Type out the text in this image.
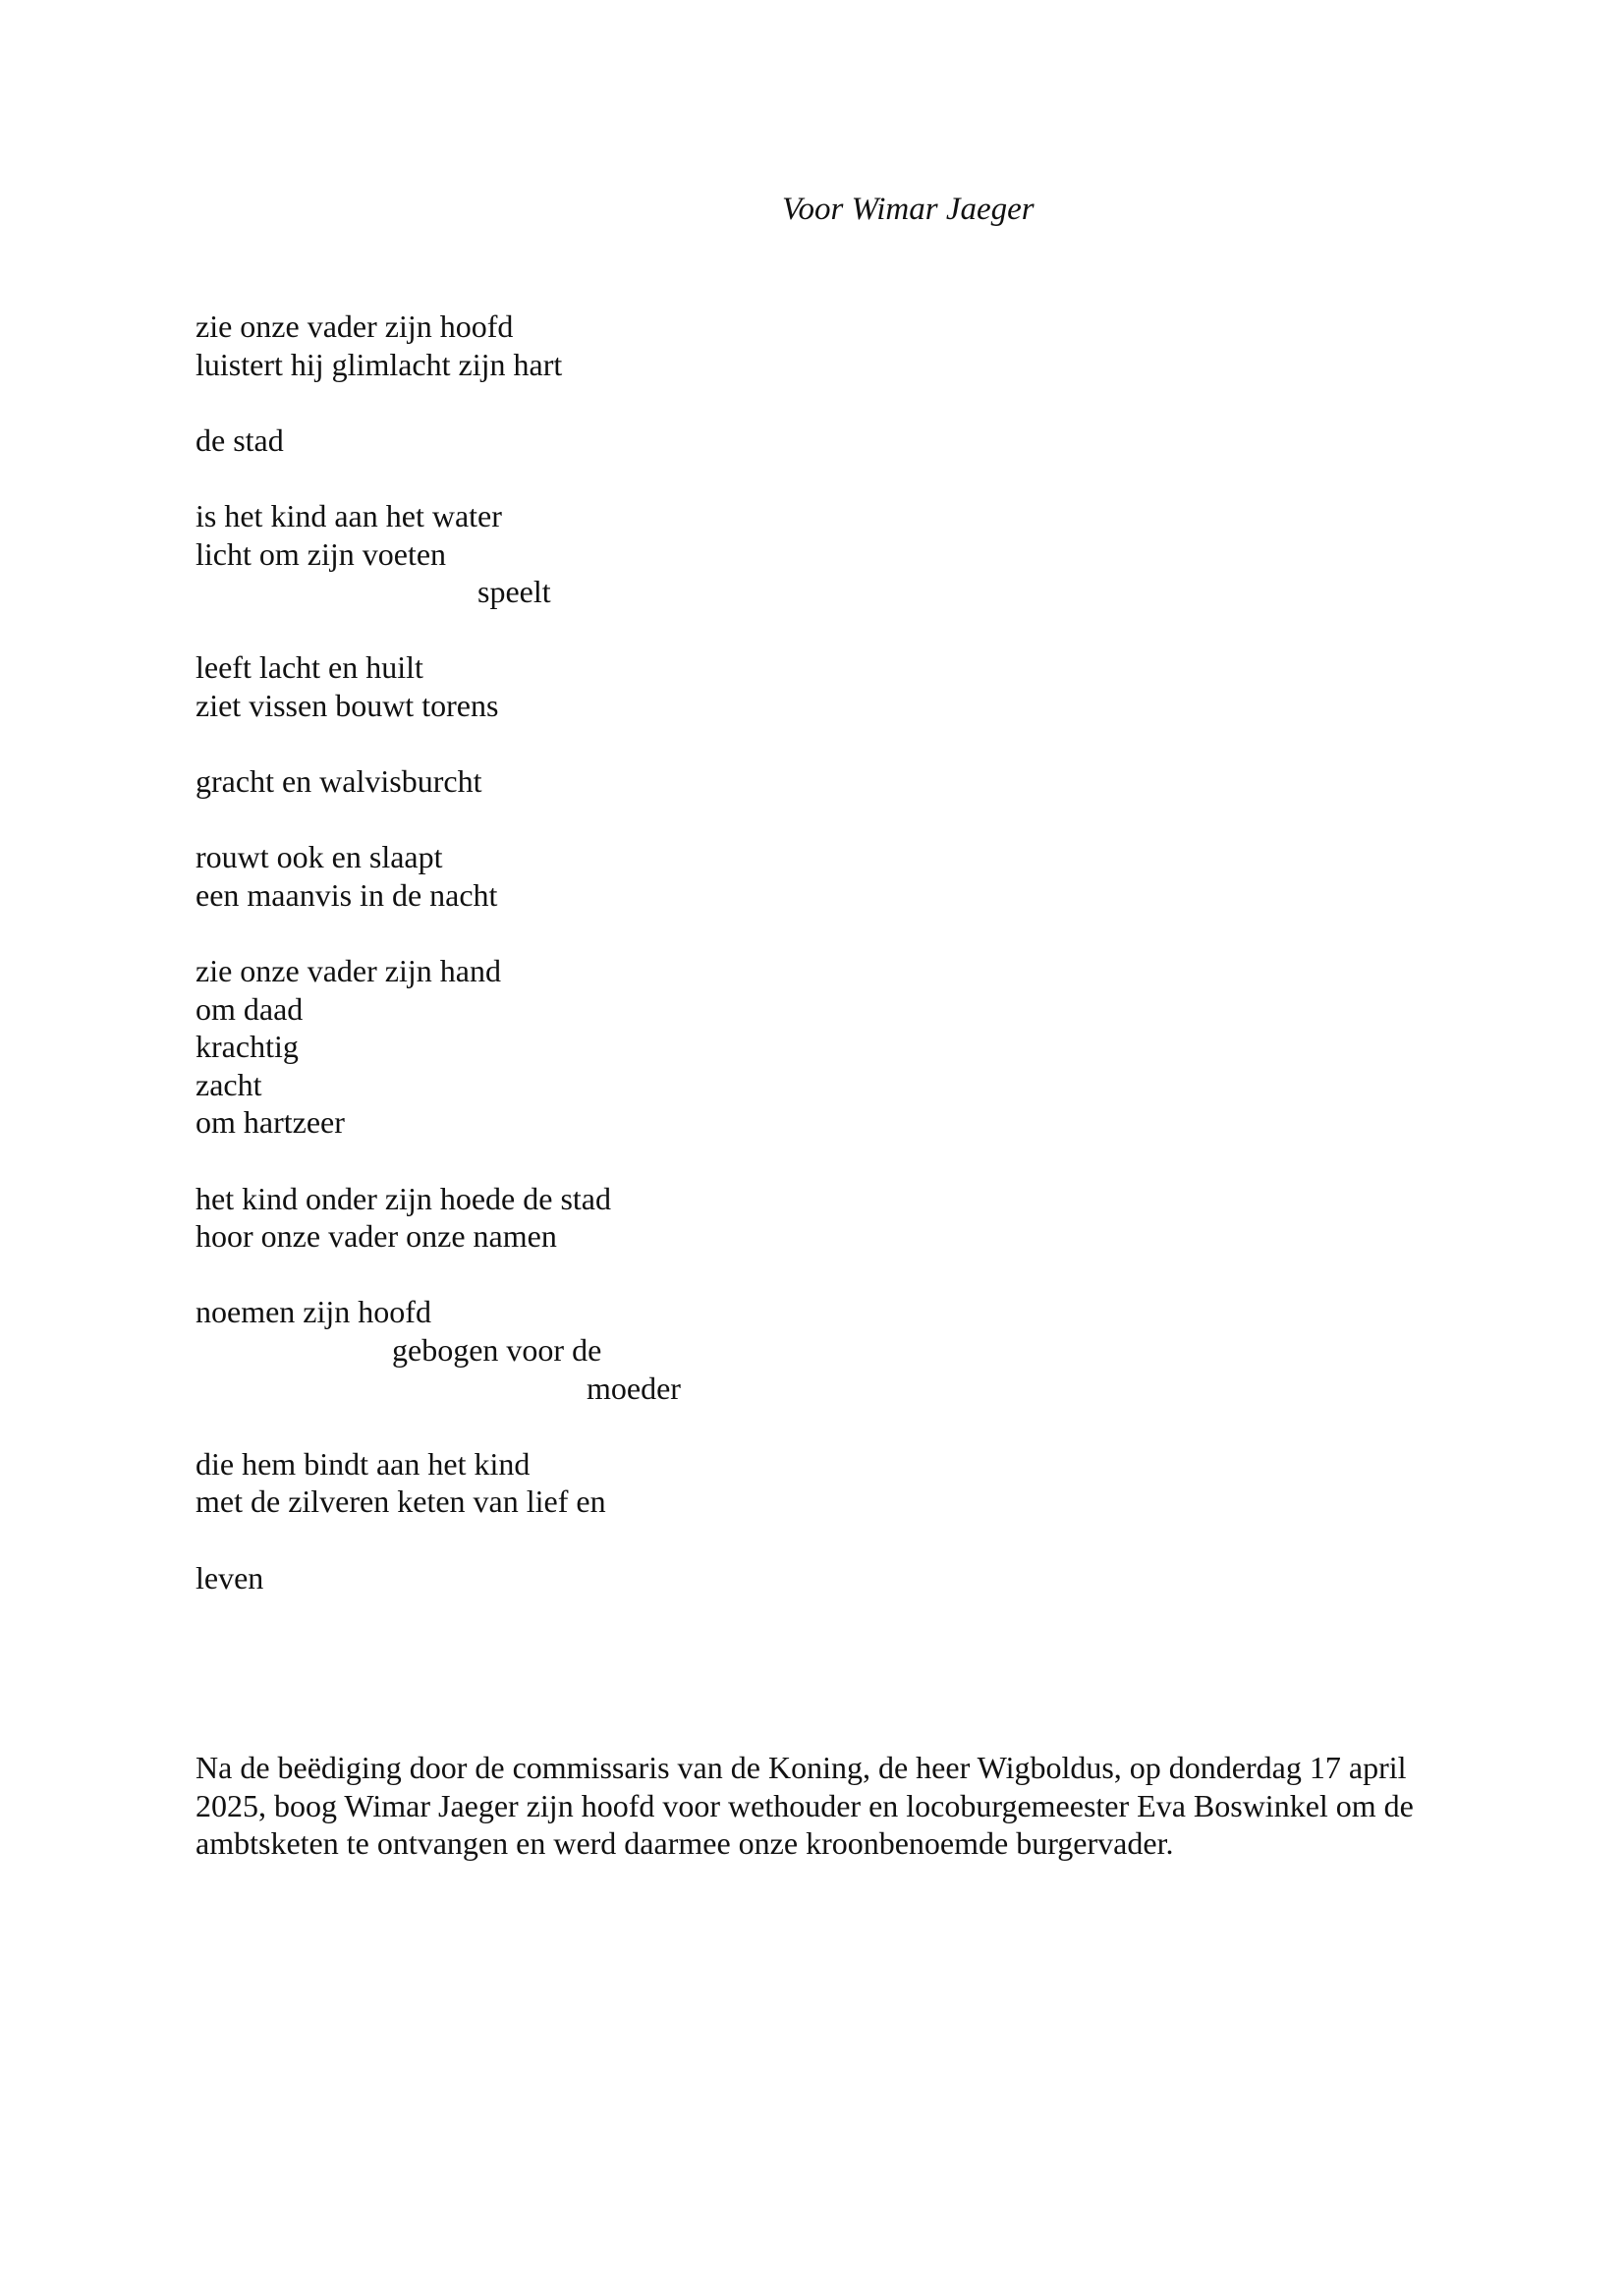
Voor Wimar Jaeger
zie onze vader zijn hoofd
luistert hij glimlacht zijn hart
de stad
is het kind aan het water
licht om zijn voeten
speelt
leeft lacht en huilt
ziet vissen bouwt torens
gracht en walvisburcht
rouwt ook en slaapt
een maanvis in de nacht
zie onze vader zijn hand
om daad
krachtig
zacht
om hartzeer
het kind onder zijn hoede de stad
hoor onze vader onze namen
noemen zijn hoofd
gebogen voor de
moeder
die hem bindt aan het kind
met de zilveren keten van lief en
leven

Na de beëdiging door de commissaris van de Koning, de heer Wigboldus, op donderdag 17 april 2025, boog Wimar Jaeger zijn hoofd voor wethouder en locoburgemeester Eva Boswinkel om de ambtsketen te ontvangen en werd daarmee onze kroonbenoemde burgervader.
